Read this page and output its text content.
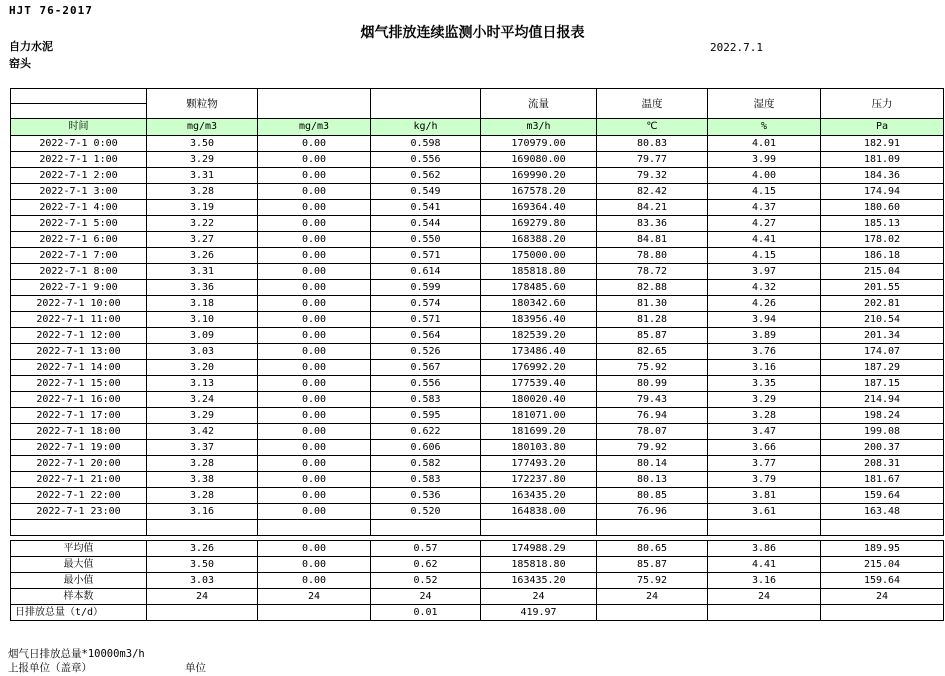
HJT 76-2017
烟气排放连续监测小时平均值日报表
2022.7.1
自力水泥
窑头
	颗粒物			流量	温度	湿度	压力
时间	mg/m3	mg/m3	kg/h	m3/h	℃	%	Pa
2022-7-1 0:00	3.50	0.00	0.598	170979.00	80.83	4.01	182.91
2022-7-1 1:00	3.29	0.00	0.556	169080.00	79.77	3.99	181.09
2022-7-1 2:00	3.31	0.00	0.562	169990.20	79.32	4.00	184.36
2022-7-1 3:00	3.28	0.00	0.549	167578.20	82.42	4.15	174.94
2022-7-1 4:00	3.19	0.00	0.541	169364.40	84.21	4.37	180.60
2022-7-1 5:00	3.22	0.00	0.544	169279.80	83.36	4.27	185.13
2022-7-1 6:00	3.27	0.00	0.550	168388.20	84.81	4.41	178.02
2022-7-1 7:00	3.26	0.00	0.571	175000.00	78.80	4.15	186.18
2022-7-1 8:00	3.31	0.00	0.614	185818.80	78.72	3.97	215.04
2022-7-1 9:00	3.36	0.00	0.599	178485.60	82.88	4.32	201.55
2022-7-1 10:00	3.18	0.00	0.574	180342.60	81.30	4.26	202.81
2022-7-1 11:00	3.10	0.00	0.571	183956.40	81.28	3.94	210.54
2022-7-1 12:00	3.09	0.00	0.564	182539.20	85.87	3.89	201.34
2022-7-1 13:00	3.03	0.00	0.526	173486.40	82.65	3.76	174.07
2022-7-1 14:00	3.20	0.00	0.567	176992.20	75.92	3.16	187.29
2022-7-1 15:00	3.13	0.00	0.556	177539.40	80.99	3.35	187.15
2022-7-1 16:00	3.24	0.00	0.583	180020.40	79.43	3.29	214.94
2022-7-1 17:00	3.29	0.00	0.595	181071.00	76.94	3.28	198.24
2022-7-1 18:00	3.42	0.00	0.622	181699.20	78.07	3.47	199.08
2022-7-1 19:00	3.37	0.00	0.606	180103.80	79.92	3.66	200.37
2022-7-1 20:00	3.28	0.00	0.582	177493.20	80.14	3.77	208.31
2022-7-1 21:00	3.38	0.00	0.583	172237.80	80.13	3.79	181.67
2022-7-1 22:00	3.28	0.00	0.536	163435.20	80.85	3.81	159.64
2022-7-1 23:00	3.16	0.00	0.520	164838.00	76.96	3.61	163.48

平均值	3.26	0.00	0.57	174988.29	80.65	3.86	189.95
最大值	3.50	0.00	0.62	185818.80	85.87	4.41	215.04
最小值	3.03	0.00	0.52	163435.20	75.92	3.16	159.64
样本数	24	24	24	24	24	24	24
日排放总量（t/d）			0.01	419.97			
烟气日排放总量*10000m3/h
上报单位（盖章）	单位
